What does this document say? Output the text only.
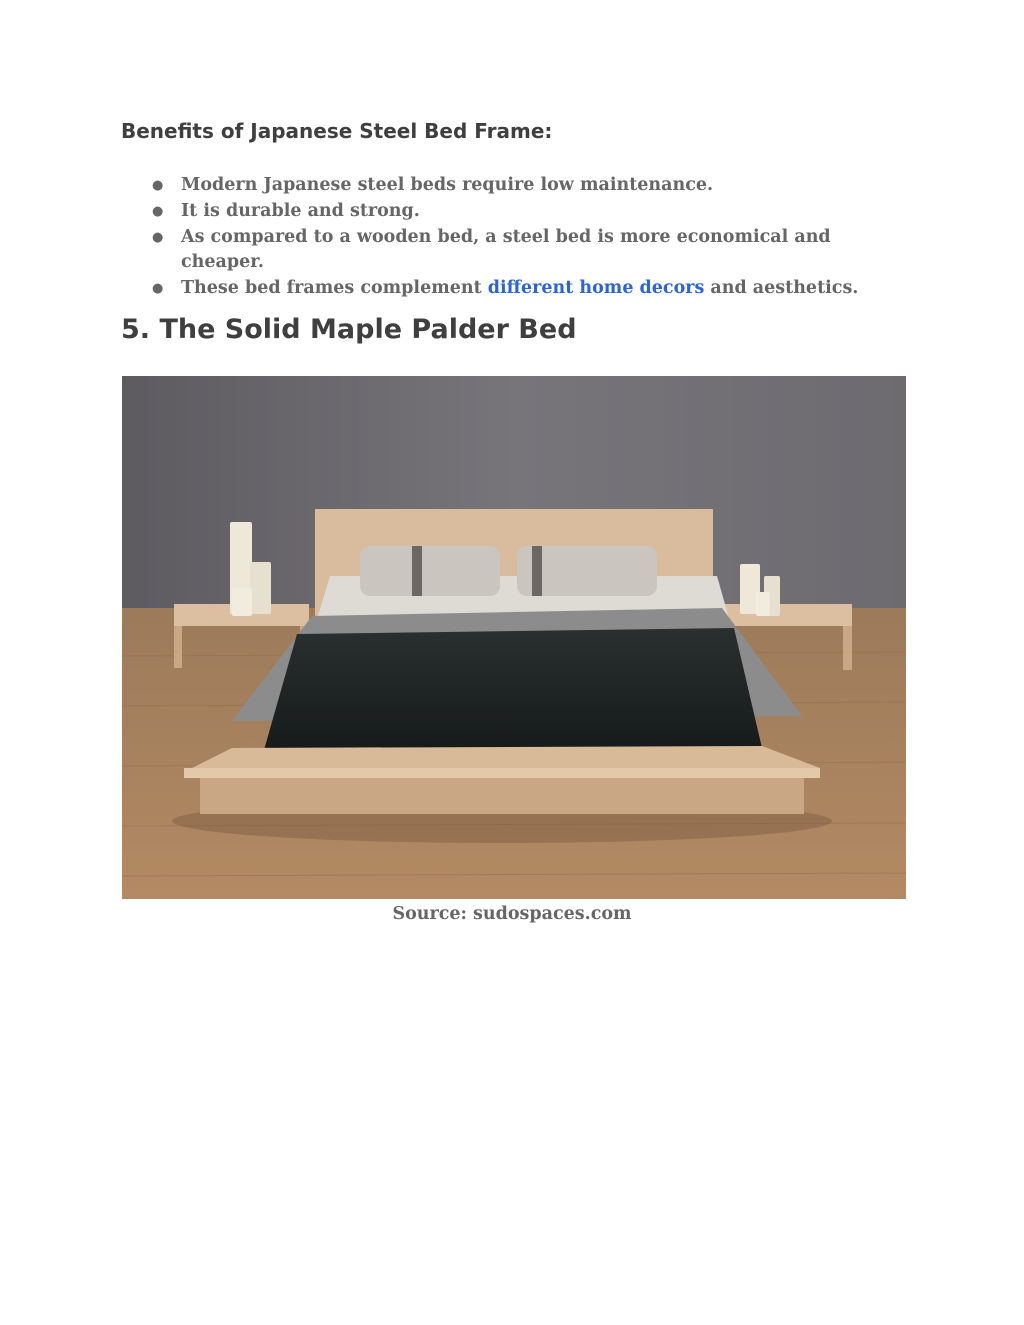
Benefits of Japanese Steel Bed Frame:
● Modern Japanese steel beds require low maintenance.
● It is durable and strong.
● As compared to a wooden bed, a steel bed is more economical and cheaper.
● These bed frames complement different home decors and aesthetics.
5. The Solid Maple Palder Bed

Source: sudospaces.com
